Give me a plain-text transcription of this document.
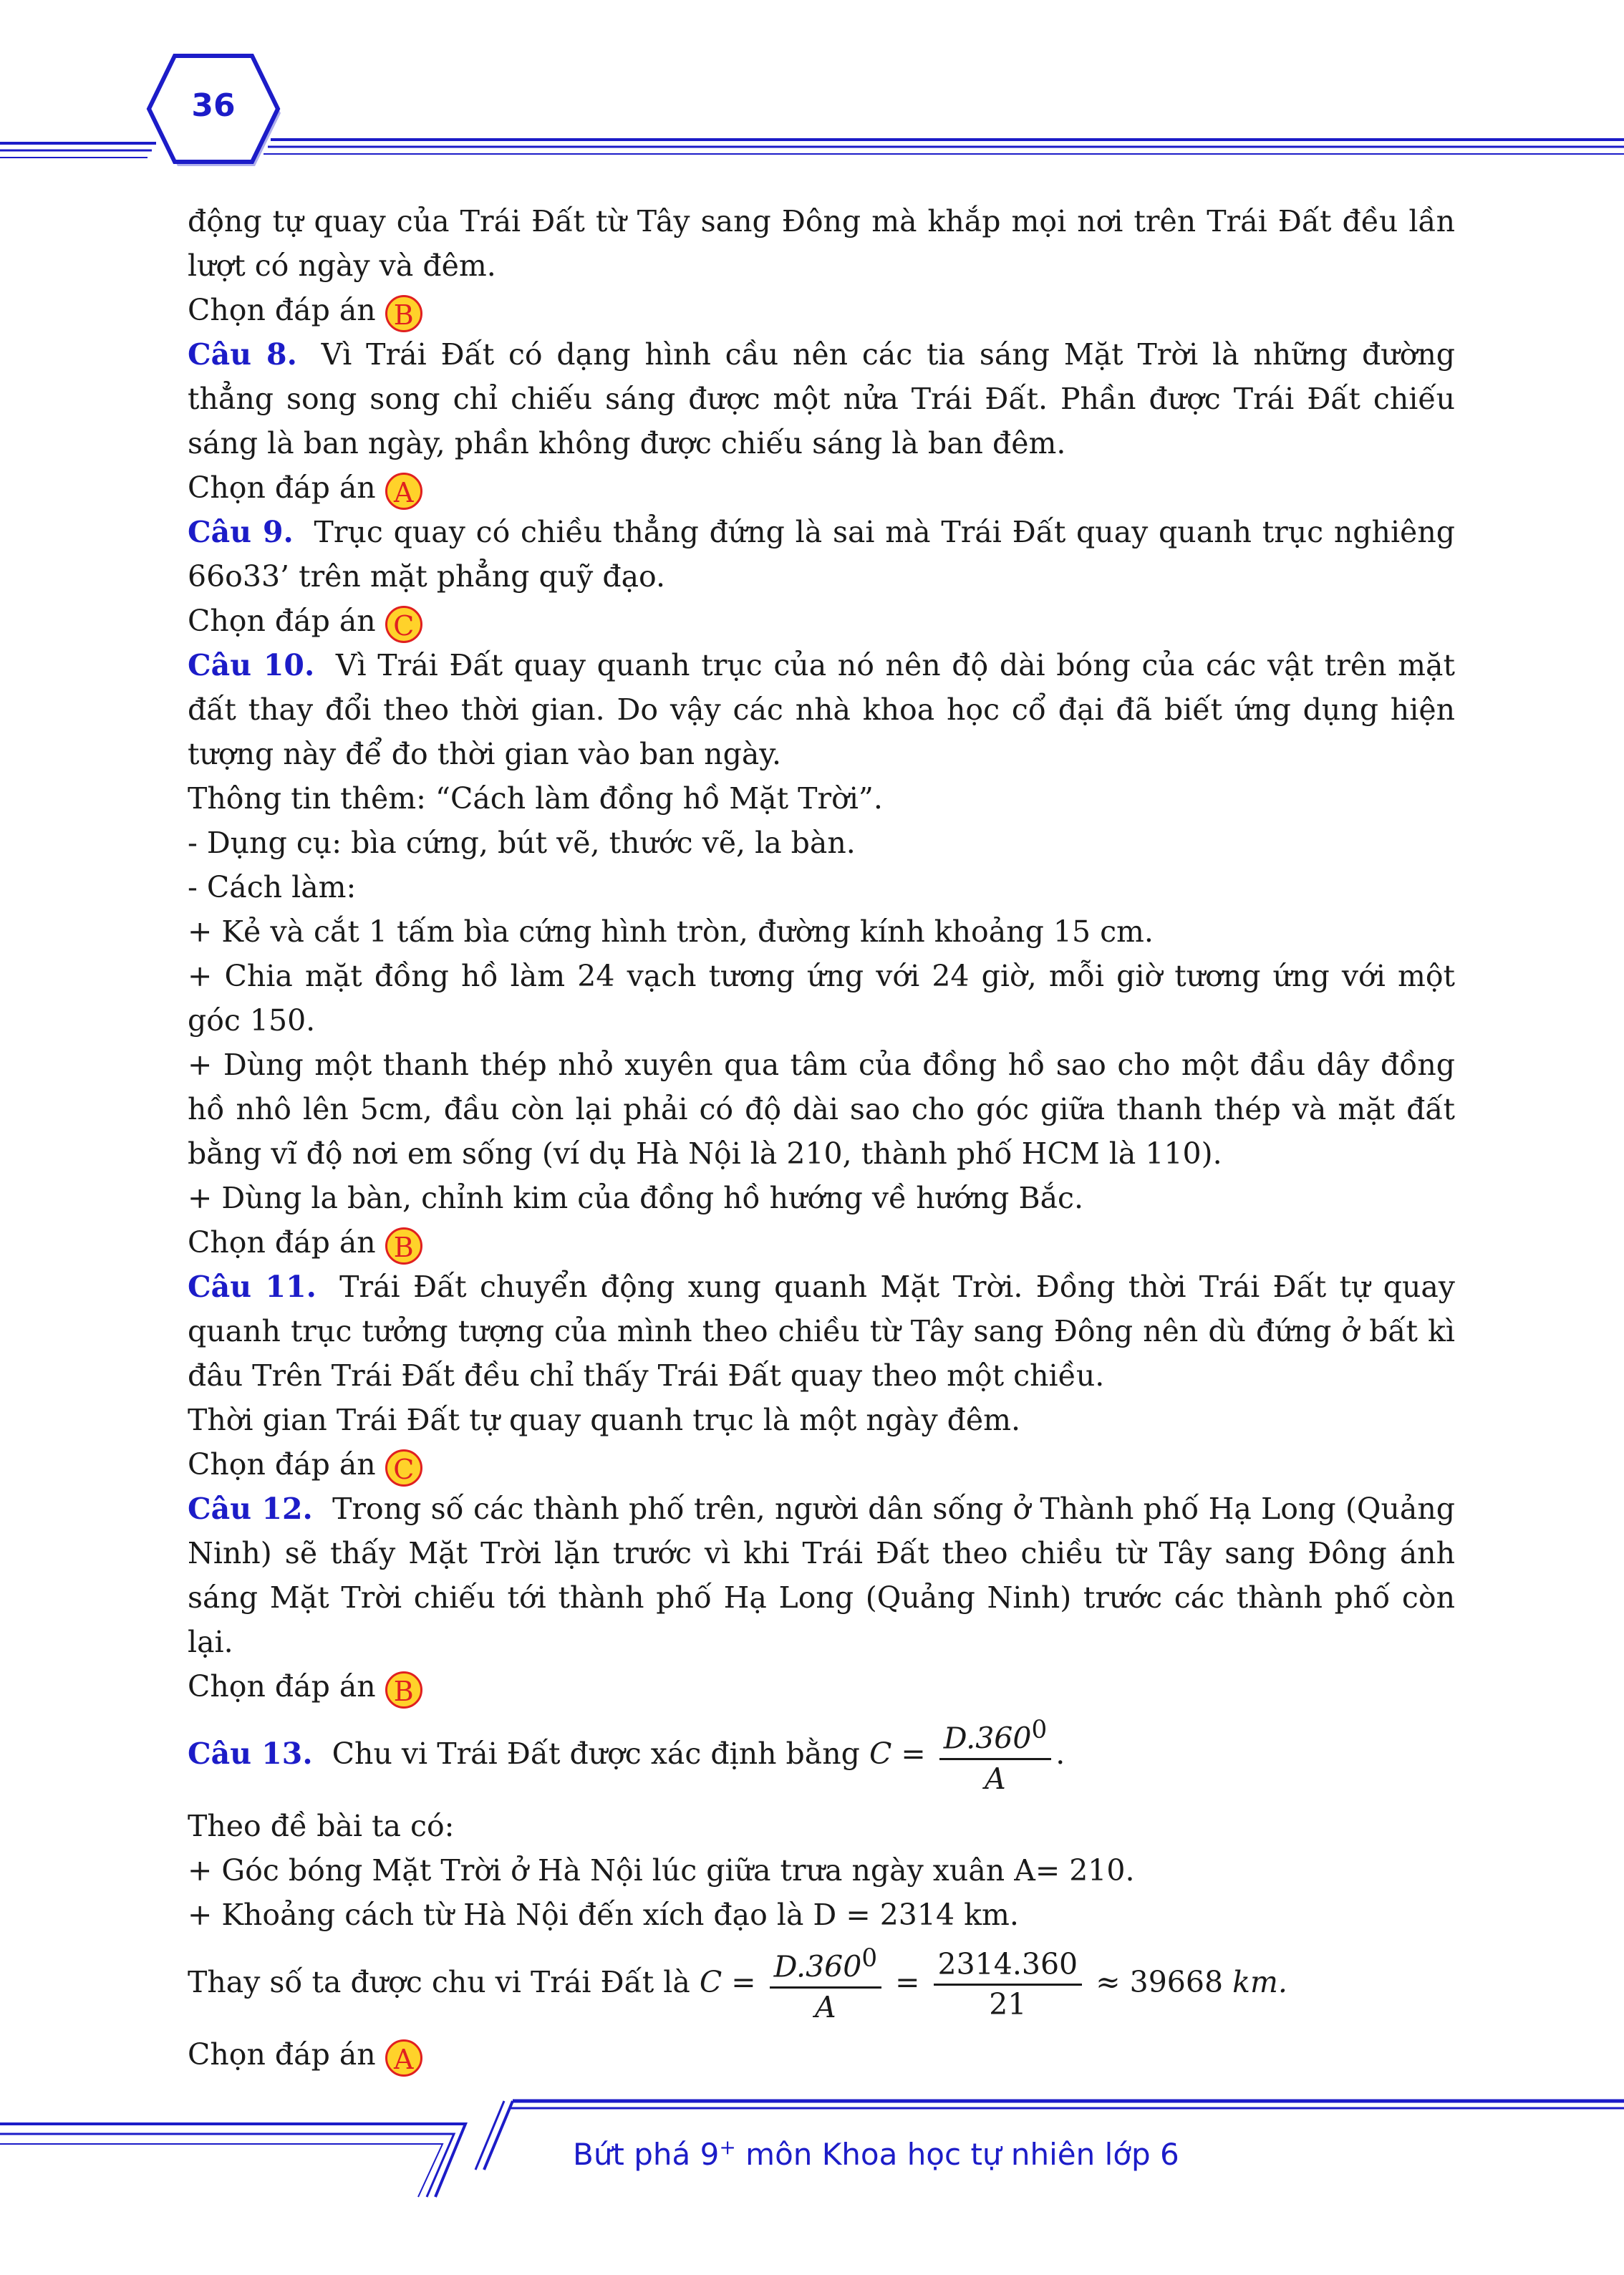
36
động tự quay của Trái Đất từ Tây sang Đông mà khắp mọi nơi trên Trái Đất đều lần lượt có ngày và đêm.
Chọn đáp án B
Câu 8. Vì Trái Đất có dạng hình cầu nên các tia sáng Mặt Trời là những đường thẳng song song chỉ chiếu sáng được một nửa Trái Đất. Phần được Trái Đất chiếu sáng là ban ngày, phần không được chiếu sáng là ban đêm.
Chọn đáp án A
Câu 9. Trục quay có chiều thẳng đứng là sai mà Trái Đất quay quanh trục nghiêng 66o33’ trên mặt phẳng quỹ đạo.
Chọn đáp án C
Câu 10. Vì Trái Đất quay quanh trục của nó nên độ dài bóng của các vật trên mặt đất thay đổi theo thời gian. Do vậy các nhà khoa học cổ đại đã biết ứng dụng hiện tượng này để đo thời gian vào ban ngày.
Thông tin thêm: “Cách làm đồng hồ Mặt Trời”.
- Dụng cụ: bìa cứng, bút vẽ, thước vẽ, la bàn.
- Cách làm:
+ Kẻ và cắt 1 tấm bìa cứng hình tròn, đường kính khoảng 15 cm.
+ Chia mặt đồng hồ làm 24 vạch tương ứng với 24 giờ, mỗi giờ tương ứng với một góc 150.
+ Dùng một thanh thép nhỏ xuyên qua tâm của đồng hồ sao cho một đầu dây đồng hồ nhô lên 5cm, đầu còn lại phải có độ dài sao cho góc giữa thanh thép và mặt đất bằng vĩ độ nơi em sống (ví dụ Hà Nội là 210, thành phố HCM là 110).
+ Dùng la bàn, chỉnh kim của đồng hồ hướng về hướng Bắc.
Chọn đáp án B
Câu 11. Trái Đất chuyển động xung quanh Mặt Trời. Đồng thời Trái Đất tự quay quanh trục tưởng tượng của mình theo chiều từ Tây sang Đông nên dù đứng ở bất kì đâu Trên Trái Đất đều chỉ thấy Trái Đất quay theo một chiều.
Thời gian Trái Đất tự quay quanh trục là một ngày đêm.
Chọn đáp án C
Câu 12. Trong số các thành phố trên, người dân sống ở Thành phố Hạ Long (Quảng Ninh) sẽ thấy Mặt Trời lặn trước vì khi Trái Đất theo chiều từ Tây sang Đông ánh sáng Mặt Trời chiếu tới thành phố Hạ Long (Quảng Ninh) trước các thành phố còn lại.
Chọn đáp án B
Câu 13. Chu vi Trái Đất được xác định bằng $C = \frac{D.360^0}{A}$ .
Theo đề bài ta có:
+ Góc bóng Mặt Trời ở Hà Nội lúc giữa trưa ngày xuân A= 210.
+ Khoảng cách từ Hà Nội đến xích đạo là D = 2314 km.
Thay số ta được chu vi Trái Đất là $C = \frac{D.360^0}{A} = \frac{2314.360}{21} \approx 39668$ km.
Chọn đáp án A
Bứt phá 9+ môn Khoa học tự nhiên lớp 6
